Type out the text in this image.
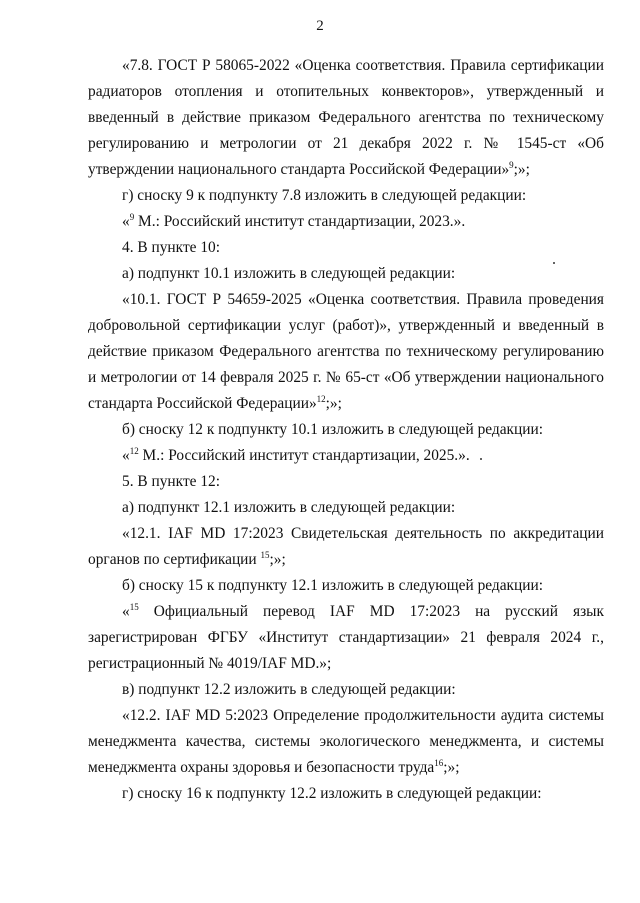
2

«7.8. ГОСТ Р 58065-2022 «Оценка соответствия. Правила сертификации радиаторов отопления и отопительных конвекторов», утвержденный и введенный в действие приказом Федерального агентства по техническому регулированию и метрологии от 21 декабря 2022 г. № 1545-ст «Об утверждении национального стандарта Российской Федерации»$^9$;»;

г) сноску 9 к подпункту 7.8 изложить в следующей редакции:

«$^9$ М.: Российский институт стандартизации, 2023.».

4. В пункте 10:

а) подпункт 10.1 изложить в следующей редакции:

«10.1. ГОСТ Р 54659-2025 «Оценка соответствия. Правила проведения добровольной сертификации услуг (работ)», утвержденный и введенный в действие приказом Федерального агентства по техническому регулированию и метрологии от 14 февраля 2025 г. № 65-ст «Об утверждении национального стандарта Российской Федерации»$^{12}$;»;

б) сноску 12 к подпункту 10.1 изложить в следующей редакции:

«$^{12}$ М.: Российский институт стандартизации, 2025.».

5. В пункте 12:

а) подпункт 12.1 изложить в следующей редакции:

«12.1. IAF MD 17:2023 Свидетельская деятельность по аккредитации органов по сертификации $^{15}$;»;

б) сноску 15 к подпункту 12.1 изложить в следующей редакции:

«$^{15}$ Официальный перевод IAF MD 17:2023 на русский язык зарегистрирован ФГБУ «Институт стандартизации» 21 февраля 2024 г., регистрационный № 4019/IAF MD.»;

в) подпункт 12.2 изложить в следующей редакции:

«12.2. IAF MD 5:2023 Определение продолжительности аудита системы менеджмента качества, системы экологического менеджмента, и системы менеджмента охраны здоровья и безопасности труда$^{16}$;»;

г) сноску 16 к подпункту 12.2 изложить в следующей редакции:
